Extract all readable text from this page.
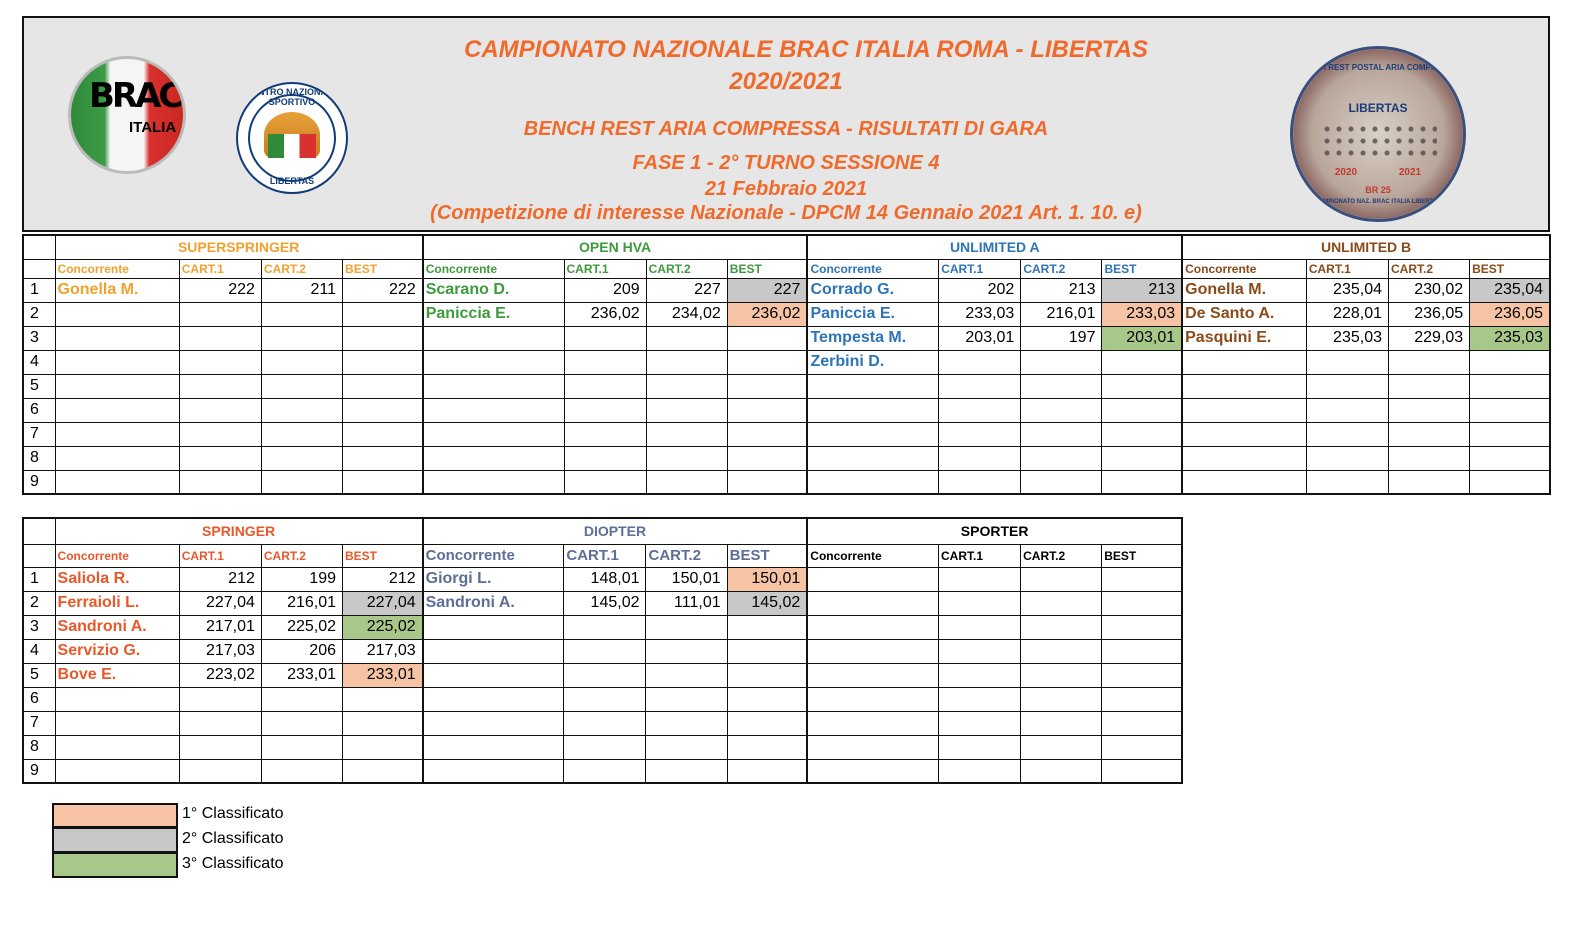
BRAC
ITALIA
CENTRO NAZIONALE SPORTIVO
LIBERTAS
CAMPIONATO NAZIONALE BRAC ITALIA ROMA - LIBERTAS
2020/2021
BENCH REST ARIA COMPRESSA - RISULTATI DI GARA
FASE 1 - 2° TURNO SESSIONE 4
21 Febbraio 2021
(Competizione di interesse Nazionale - DPCM 14 Gennaio 2021 Art. 1. 10. e)
BENCH REST POSTAL ARIA COMPRESSA
LIBERTAS
2020	2021
BR 25
CAMPIONATO NAZ. BRAC ITALIA LIBERTAS
	SUPERSPRINGER				OPEN HVA				UNLIMITED A				UNLIMITED B			
	Concorrente	CART.1	CART.2	BEST	Concorrente	CART.1	CART.2	BEST	Concorrente	CART.1	CART.2	BEST	Concorrente	CART.1	CART.2	BEST
1	Gonella M.	222	211	222	Scarano D.	209	227	227	Corrado G.	202	213	213	Gonella M.	235,04	230,02	235,04
2					Paniccia E.	236,02	234,02	236,02	Paniccia E.	233,03	216,01	233,03	De Santo A.	228,01	236,05	236,05
3									Tempesta M.	203,01	197	203,01	Pasquini E.	235,03	229,03	235,03
4									Zerbini D.							
5																
6																
7																
8																
9																
	SPRINGER				DIOPTER				SPORTER			
	Concorrente	CART.1	CART.2	BEST	Concorrente	CART.1	CART.2	BEST	Concorrente	CART.1	CART.2	BEST
1	Saliola R.	212	199	212	Giorgi L.	148,01	150,01	150,01				
2	Ferraioli L.	227,04	216,01	227,04	Sandroni A.	145,02	111,01	145,02				
3	Sandroni A.	217,01	225,02	225,02								
4	Servizio G.	217,03	206	217,03								
5	Bove E.	223,02	233,01	233,01								
6												
7												
8												
9												
1° Classificato
2° Classificato
3° Classificato
